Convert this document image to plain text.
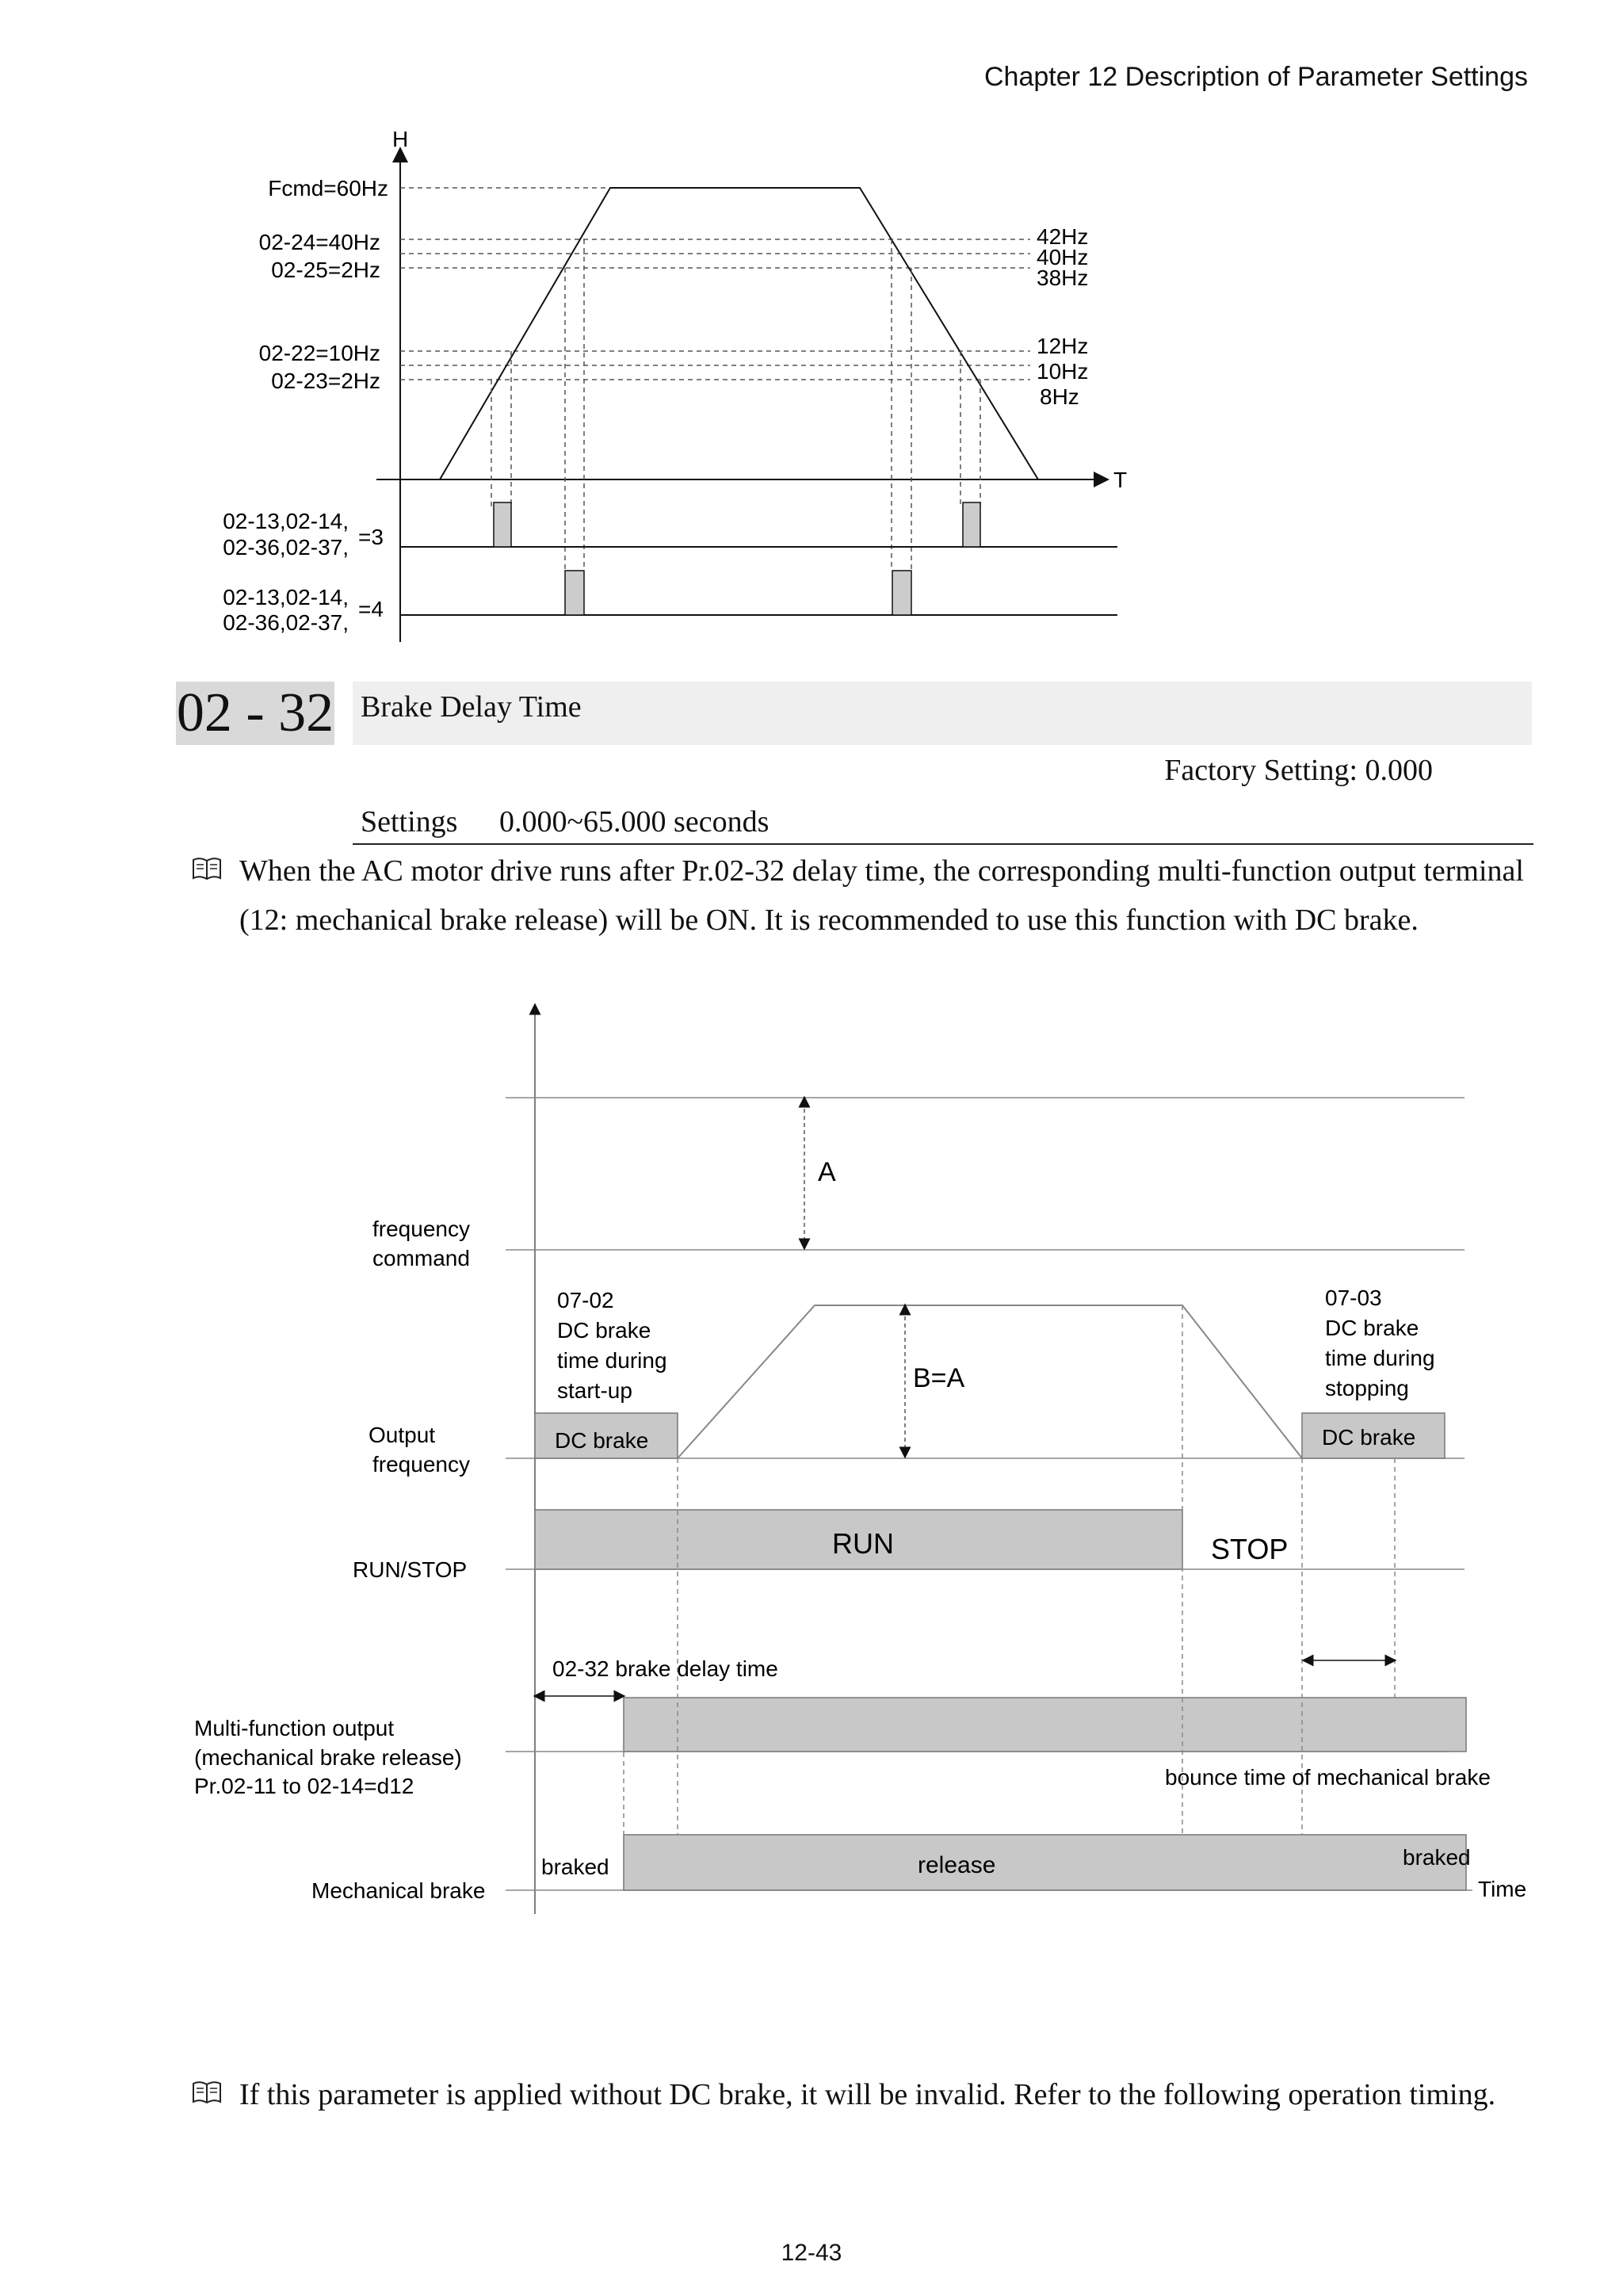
Chapter 12 Description of Parameter Settings
H
T
Fcmd=60Hz
02-24=40Hz
02-25=2Hz
02-22=10Hz
02-23=2Hz
42Hz
40Hz
38Hz
12Hz
10Hz
8Hz
02-13,02-14,
02-36,02-37, =3
02-13,02-14,
02-36,02-37,
=4
02 - 32 Brake Delay Time
Factory Setting: 0.000
Settings 0.000~65.000 seconds
When the AC motor drive runs after Pr.02-32 delay time, the corresponding multi-function output terminal (12: mechanical brake release) will be ON. It is recommended to use this function with DC brake.
A
B=A
DC brake	DC brake
RUN	STOP
release
braked	braked
Time
02-32 brake delay time
bounce time of mechanical brake
frequency
command
Output
frequency
RUN/STOP
Multi-function output
(mechanical brake release)
Pr.02-11 to 02-14=d12
Mechanical brake
07-02
DC brake
time during
start-up
07-03
DC brake
time during
stopping
If this parameter is applied without DC brake, it will be invalid. Refer to the following operation timing.
12-43
